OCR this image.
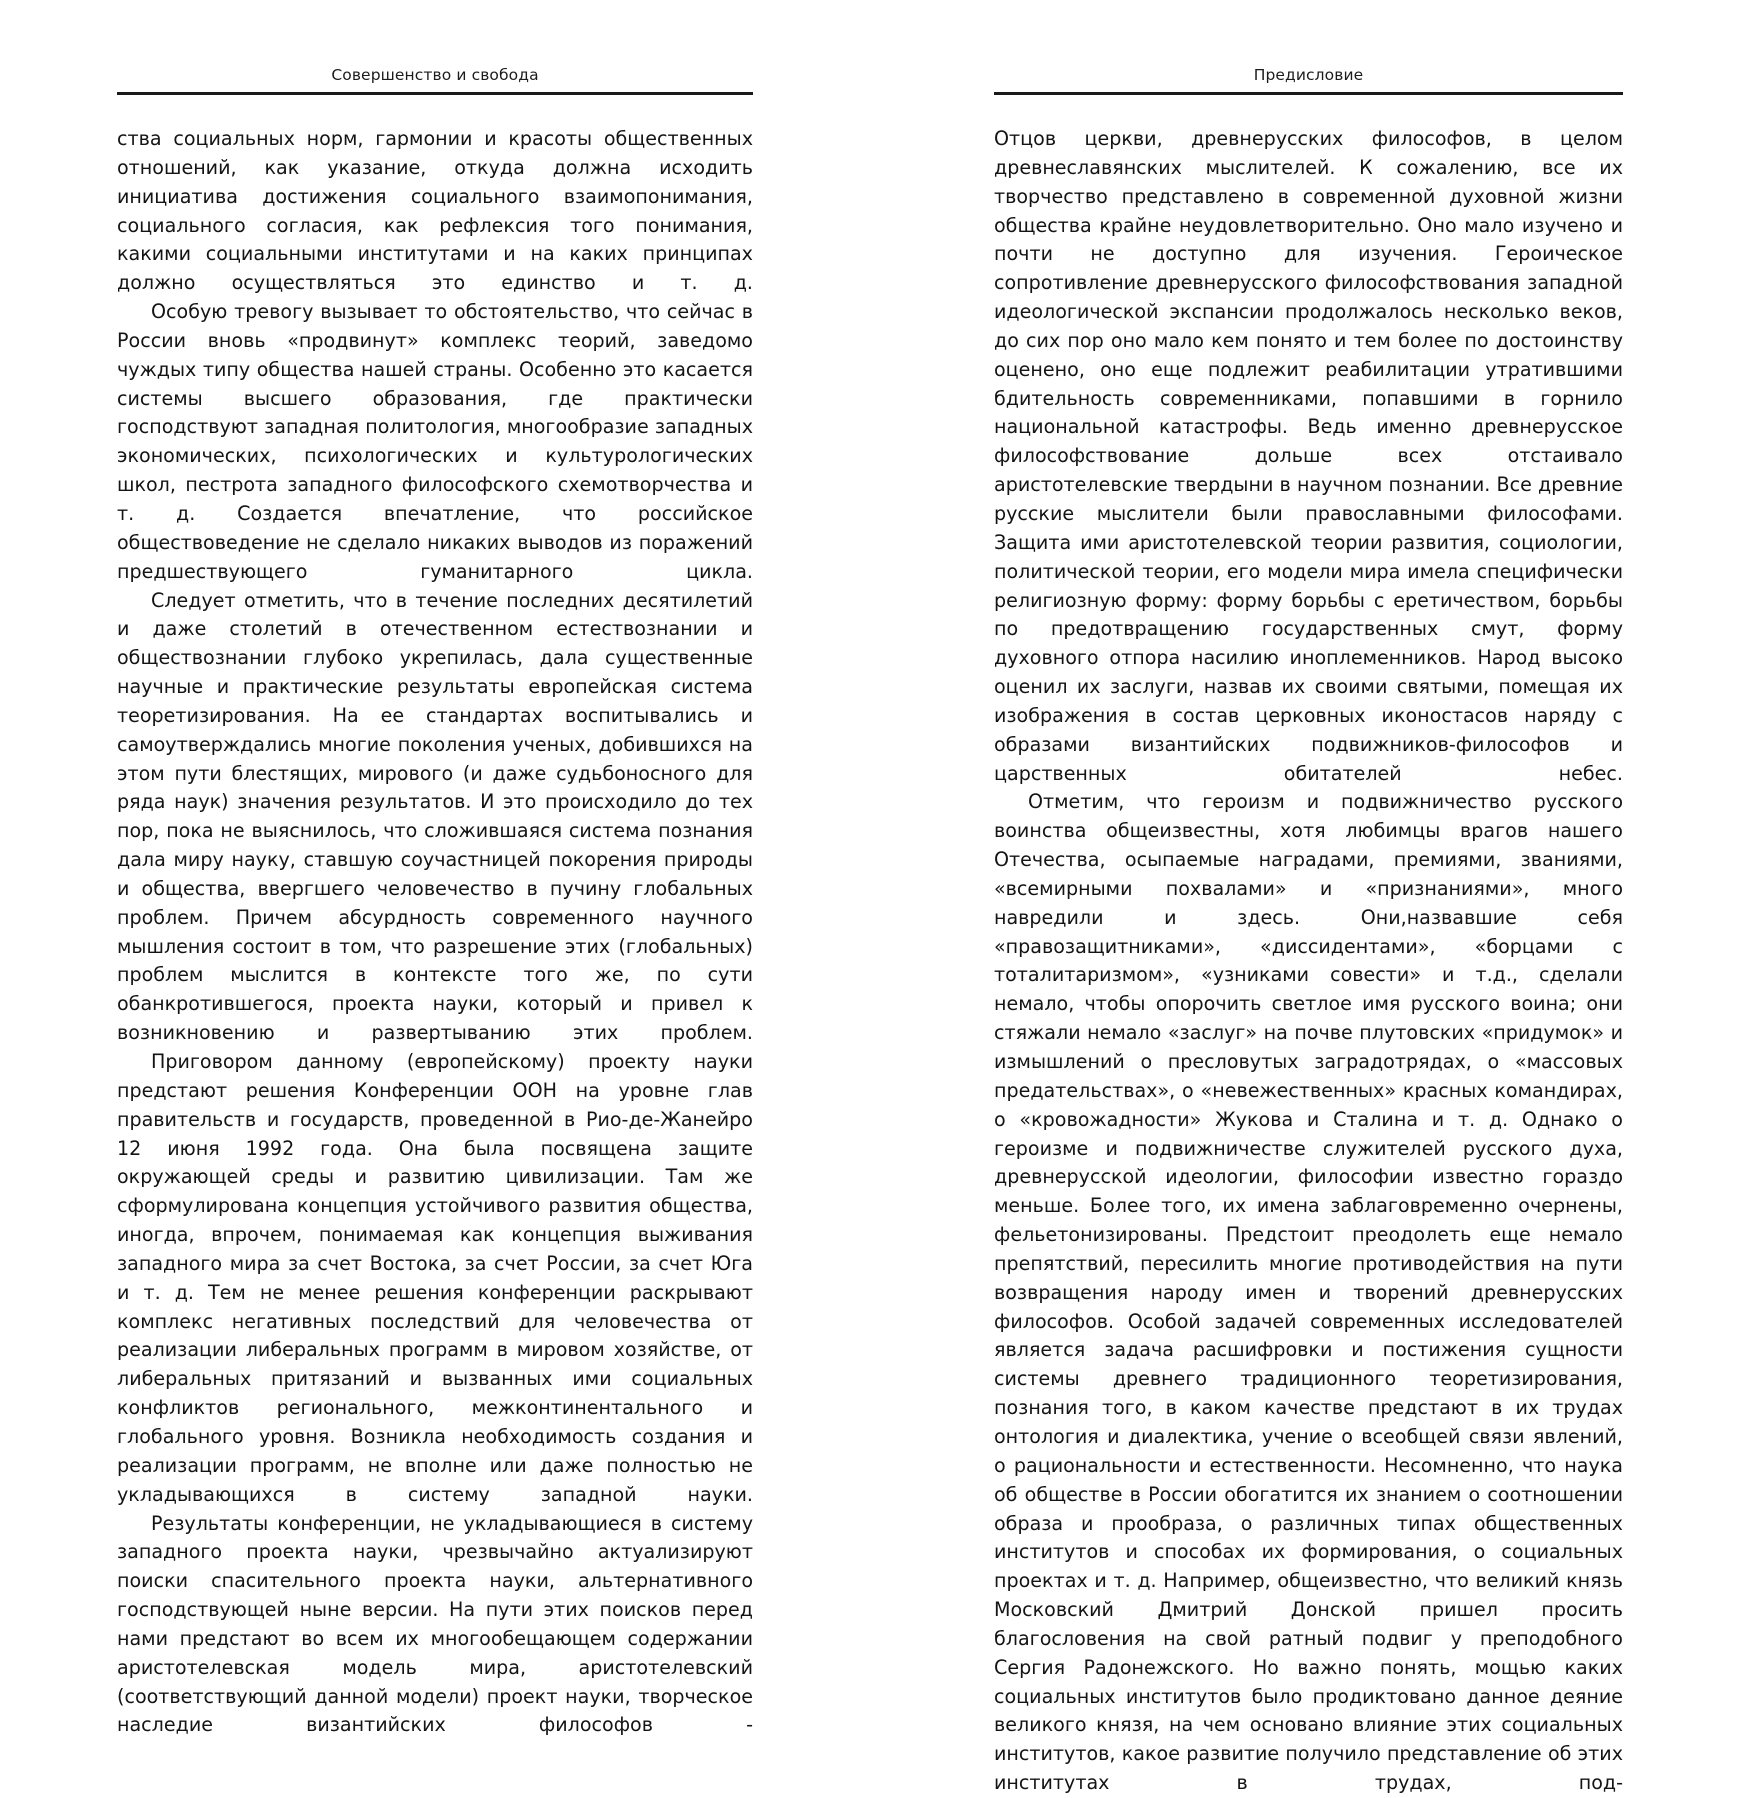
Совершенство и свобода

ства социальных норм, гармонии и красоты общественных отношений, как указание, откуда должна исходить инициатива достижения социального взаимопонимания, социального согласия, как рефлексия того понимания, какими социальными институтами и на каких принципах должно осуществляться это единство и т. д.

Особую тревогу вызывает то обстоятельство, что сейчас в России вновь «продвинут» комплекс теорий, заведомо чуждых типу общества нашей страны. Особенно это касается системы высшего образования, где практически господствуют западная политология, многообразие западных экономических, психологических и культурологических школ, пестрота западного философского схемотворчества и т. д. Создается впечатление, что российское обществоведение не сделало никаких выводов из поражений предшествующего гуманитарного цикла.

Следует отметить, что в течение последних десятилетий и даже столетий в отечественном естествознании и обществознании глубоко укрепилась, дала существенные научные и практические результаты европейская система теоретизирования. На ее стандартах воспитывались и самоутверждались многие поколения ученых, добившихся на этом пути блестящих, мирового (и даже судьбоносного для ряда наук) значения результатов. И это происходило до тех пор, пока не выяснилось, что сложившаяся система познания дала миру науку, ставшую соучастницей покорения природы и общества, ввергшего человечество в пучину глобальных проблем. Причем абсурдность современного научного мышления состоит в том, что разрешение этих (глобальных) проблем мыслится в контексте того же, по сути обанкротившегося, проекта науки, который и привел к возникновению и развертыванию этих проблем.

Приговором данному (европейскому) проекту науки предстают решения Конференции ООН на уровне глав правительств и государств, проведенной в Рио-де-Жанейро 12 июня 1992 года. Она была посвящена защите окружающей среды и развитию цивилизации. Там же сформулирована концепция устойчивого развития общества, иногда, впрочем, понимаемая как концепция выживания западного мира за счет Востока, за счет России, за счет Юга и т. д. Тем не менее решения конференции раскрывают комплекс негативных последствий для человечества от реализации либеральных программ в мировом хозяйстве, от либеральных притязаний и вызванных ими социальных конфликтов регионального, межконтинентального и глобального уровня. Возникла необходимость создания и реализации программ, не вполне или даже полностью не укладывающихся в систему западной науки.

Результаты конференции, не укладывающиеся в систему западного проекта науки, чрезвычайно актуализируют поиски спасительного проекта науки, альтернативного господствующей ныне версии. На пути этих поисков перед нами предстают во всем их многообещающем содержании аристотелевская модель мира, аристотелевский (соответствующий данной модели) проект науки, творческое наследие византийских философов -

Предисловие

Отцов церкви, древнерусских философов, в целом древнеславянских мыслителей. К сожалению, все их творчество представлено в современной духовной жизни общества крайне неудовлетворительно. Оно мало изучено и почти не доступно для изучения. Героическое сопротивление древнерусского философствования западной идеологической экспансии продолжалось несколько веков, до сих пор оно мало кем понято и тем более по достоинству оценено, оно еще подлежит реабилитации утратившими бдительность современниками, попавшими в горнило национальной катастрофы. Ведь именно древнерусское философствование дольше всех отстаивало аристотелевские твердыни в научном познании. Все древние русские мыслители были православными философами. Защита ими аристотелевской теории развития, социологии, политической теории, его модели мира имела специфически религиозную форму: форму борьбы с еретичеством, борьбы по предотвращению государственных смут, форму духовного отпора насилию иноплеменников. Народ высоко оценил их заслуги, назвав их своими святыми, помещая их изображения в состав церковных иконостасов наряду с образами византийских подвижников-философов и царственных обитателей небес.

Отметим, что героизм и подвижничество русского воинства общеизвестны, хотя любимцы врагов нашего Отечества, осыпаемые наградами, премиями, званиями, «всемирными похвалами» и «признаниями», много навредили и здесь. Они,назвавшие себя «правозащитниками», «диссидентами», «борцами с тоталитаризмом», «узниками совести» и т.д., сделали немало, чтобы опорочить светлое имя русского воина; они стяжали немало «заслуг» на почве плутовских «придумок» и измышлений о пресловутых заградотрядах, о «массовых предательствах», о «невежественных» красных командирах, о «кровожадности» Жукова и Сталина и т. д. Однако о героизме и подвижничестве служителей русского духа, древнерусской идеологии, философии известно гораздо меньше. Более того, их имена заблаговременно очернены, фельетонизированы. Предстоит преодолеть еще немало препятствий, пересилить многие противодействия на пути возвращения народу имен и творений древнерусских философов. Особой задачей современных исследователей является задача расшифровки и постижения сущности системы древнего традиционного теоретизирования, познания того, в каком качестве предстают в их трудах онтология и диалектика, учение о всеобщей связи явлений, о рациональности и естественности. Несомненно, что наука об обществе в России обогатится их знанием о соотношении образа и прообраза, о различных типах общественных институтов и способах их формирования, о социальных проектах и т. д. Например, общеизвестно, что великий князь Московский Дмитрий Донской пришел просить благословения на свой ратный подвиг у преподобного Сергия Радонежского. Но важно понять, мощью каких социальных институтов было продиктовано данное деяние великого князя, на чем основано влияние этих социальных институтов, какое развитие получило представление об этих институтах в трудах, под-
